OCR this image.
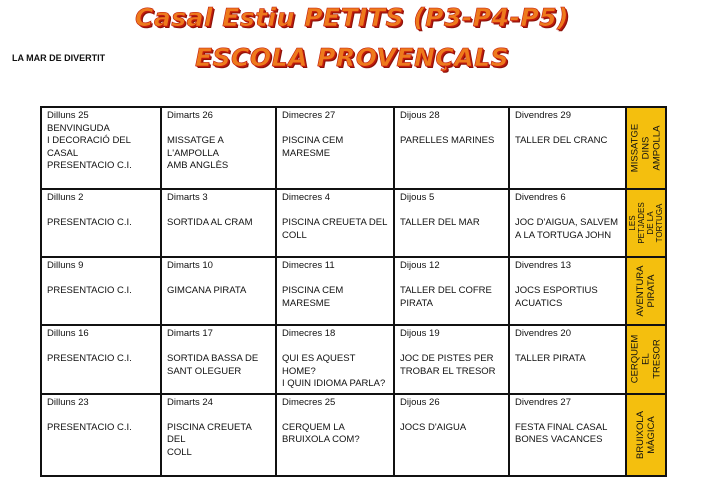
Casal Estiu PETITS (P3-P4-P5)
ESCOLA PROVENÇALS
LA MAR DE DIVERTIT
Dilluns 25
BENVINGUDA
I DECORACIÓ DEL CASAL
PRESENTACIO C.I.	Dimarts 26

MISSATGE A
L'AMPOLLA
AMB ANGLÈS	Dimecres 27

PISCINA CEM
MARESME	Dijous 28

PARELLES MARINES	Divendres 29

TALLER DEL CRANC	MISSATGE DINS
AMPOLLA

Dilluns 2

PRESENTACIO C.I.	Dimarts 3

SORTIDA AL CRAM	Dimecres 4

PISCINA CREUETA DEL
COLL	Dijous 5

TALLER DEL MAR	Divendres 6

JOC D'AIGUA, SALVEM
A LA TORTUGA JOHN	LES PETJADES
DE LA
TORTUGA

Dilluns 9

PRESENTACIO C.I.	Dimarts 10

GIMCANA PIRATA	Dimecres 11

PISCINA CEM
MARESME	Dijous 12

TALLER DEL COFRE
PIRATA	Divendres 13

JOCS ESPORTIUS
ACUATICS	AVENTURA
PIRATA

Dilluns 16

PRESENTACIO C.I.	Dimarts 17

SORTIDA BASSA DE
SANT OLEGUER	Dimecres 18

QUI ES AQUEST HOME?
I QUIN IDIOMA PARLA?	Dijous 19

JOC DE PISTES PER
TROBAR EL TRESOR	Divendres 20

TALLER PIRATA	CERQUEM
EL TRESOR

Dilluns 23

PRESENTACIO C.I.	Dimarts 24

PISCINA CREUETA DEL
COLL	Dimecres 25

CERQUEM LA
BRUIXOLA COM?	Dijous 26

JOCS D'AIGUA	Divendres 27

FESTA FINAL CASAL
BONES VACANCES	BRUIXOLA
MÀGICA
